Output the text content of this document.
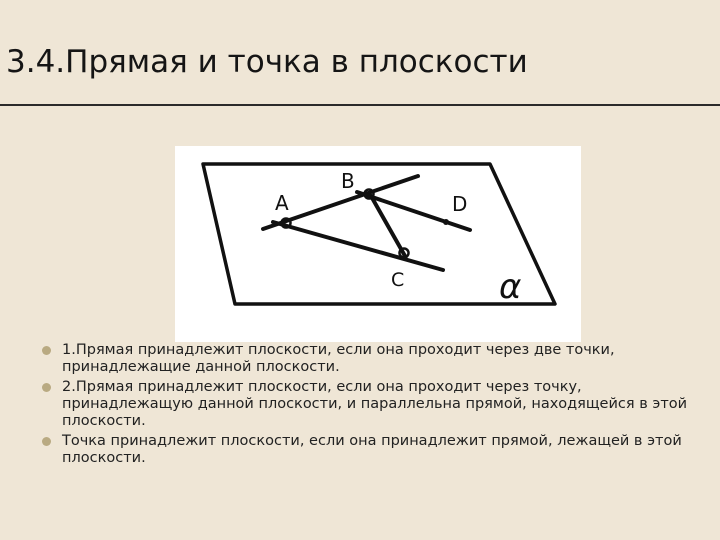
3.4.Прямая и точка в плоскости
A
B
C
D
α
1.Прямая принадлежит плоскости, если она проходит через две точки, принадлежащие данной плоскости.
2.Прямая принадлежит плоскости, если она проходит через точку, принадлежащую данной плоскости, и параллельна прямой, находящейся в этой плоскости.
Точка принадлежит плоскости, если она принадлежит прямой, лежащей в этой плоскости.
